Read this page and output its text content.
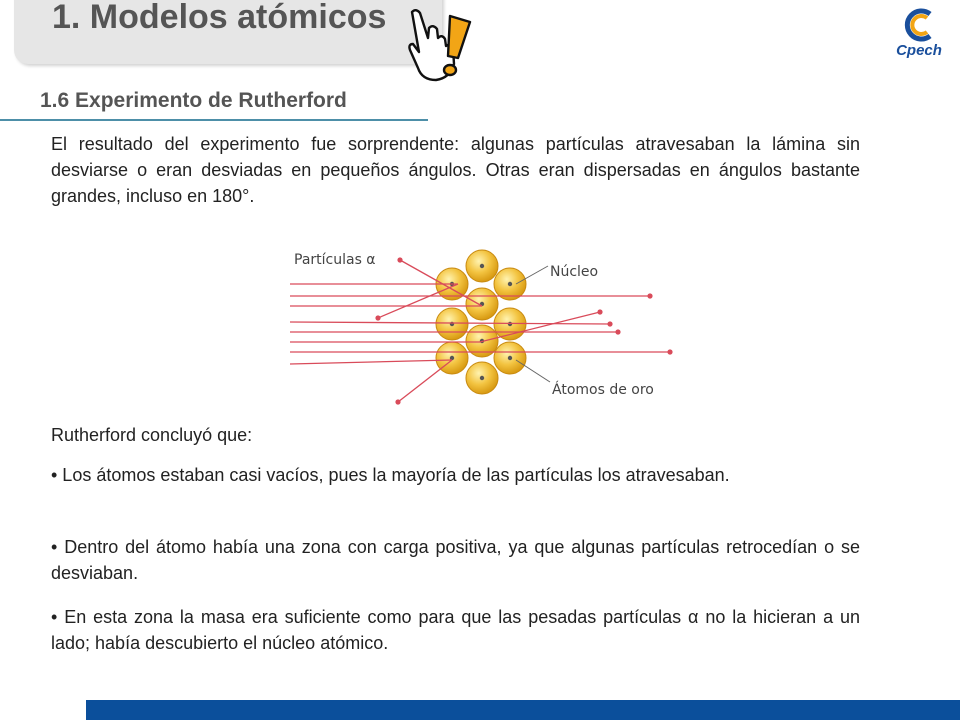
1. Modelos atómicos
Cpech
1.6 Experimento de Rutherford
El resultado del experimento fue sorprendente: algunas partículas atravesaban la lámina sin desviarse o eran desviadas en pequeños ángulos. Otras eran dispersadas en ángulos bastante grandes, incluso en 180°.
Partículas α
Núcleo
Átomos de oro
Rutherford concluyó que:
• Los átomos estaban casi vacíos, pues la mayoría de las partículas los atravesaban.
• Dentro del átomo había una zona con carga positiva, ya que algunas partículas retrocedían o se desviaban.
• En esta zona la masa era suficiente como para que las pesadas partículas α no la hicieran a un lado; había descubierto el núcleo atómico.
